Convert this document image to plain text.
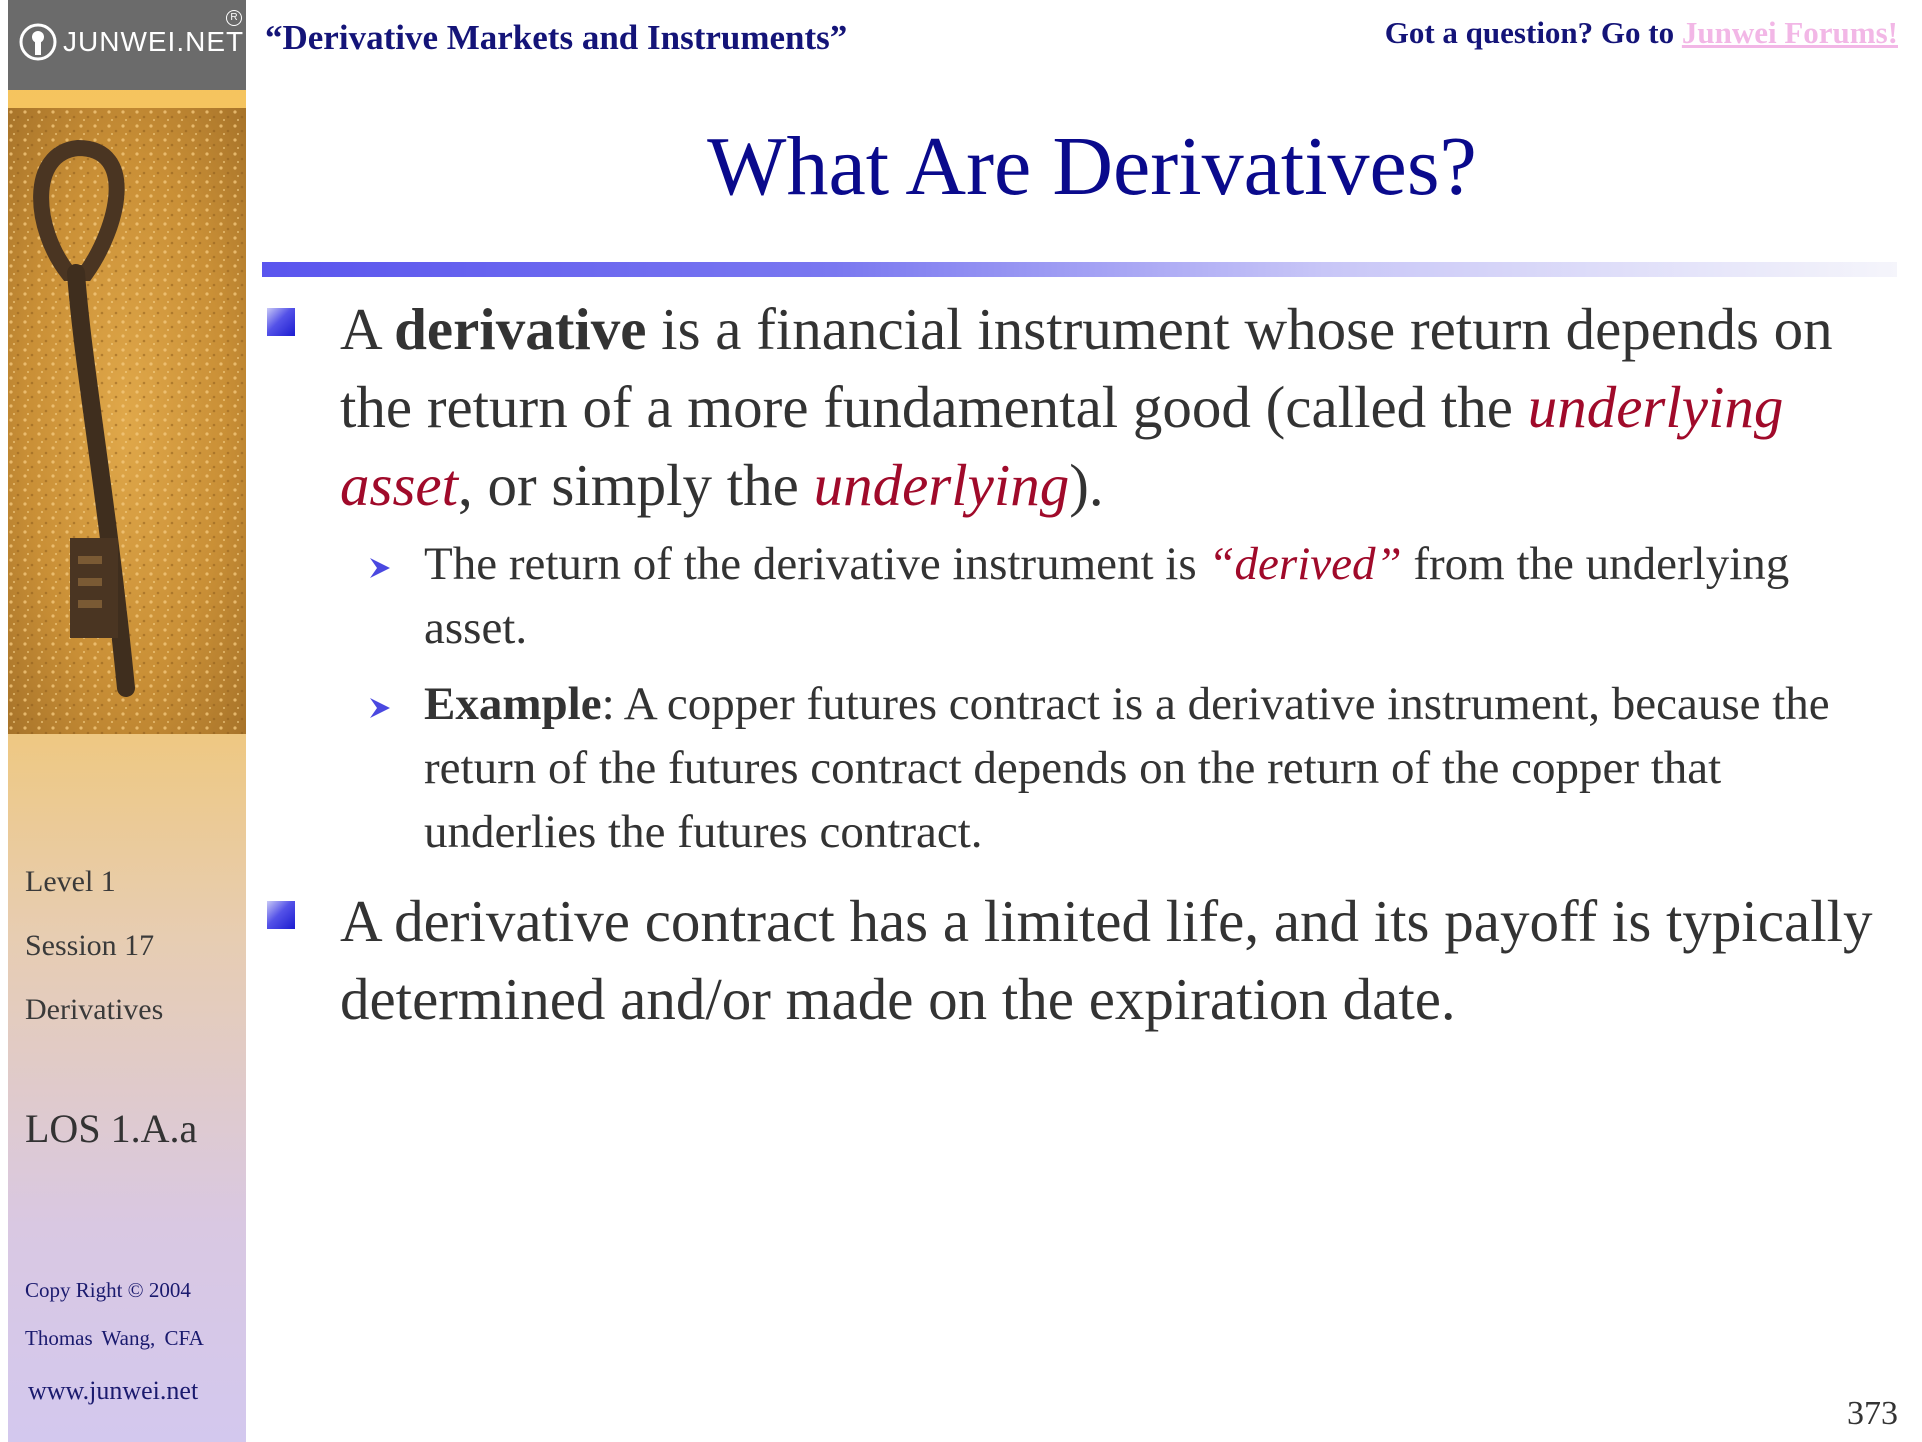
JUNWEI.NET
R
Level 1
Session 17
Derivatives
LOS 1.A.a
Copy Right © 2004
Thomas Wang, CFA
www.junwei.net
“Derivative Markets and Instruments”	Got a question? Go to Junwei Forums!
What Are Derivatives?

A derivative is a financial instrument whose return depends on the return of a more fundamental good (called the underlying asset, or simply the underlying).

The return of the derivative instrument is “derived” from the underlying asset.

Example: A copper futures contract is a derivative instrument, because the return of the futures contract depends on the return of the copper that underlies the futures contract.

A derivative contract has a limited life, and its payoff is typically determined and/or made on the expiration date.

373
